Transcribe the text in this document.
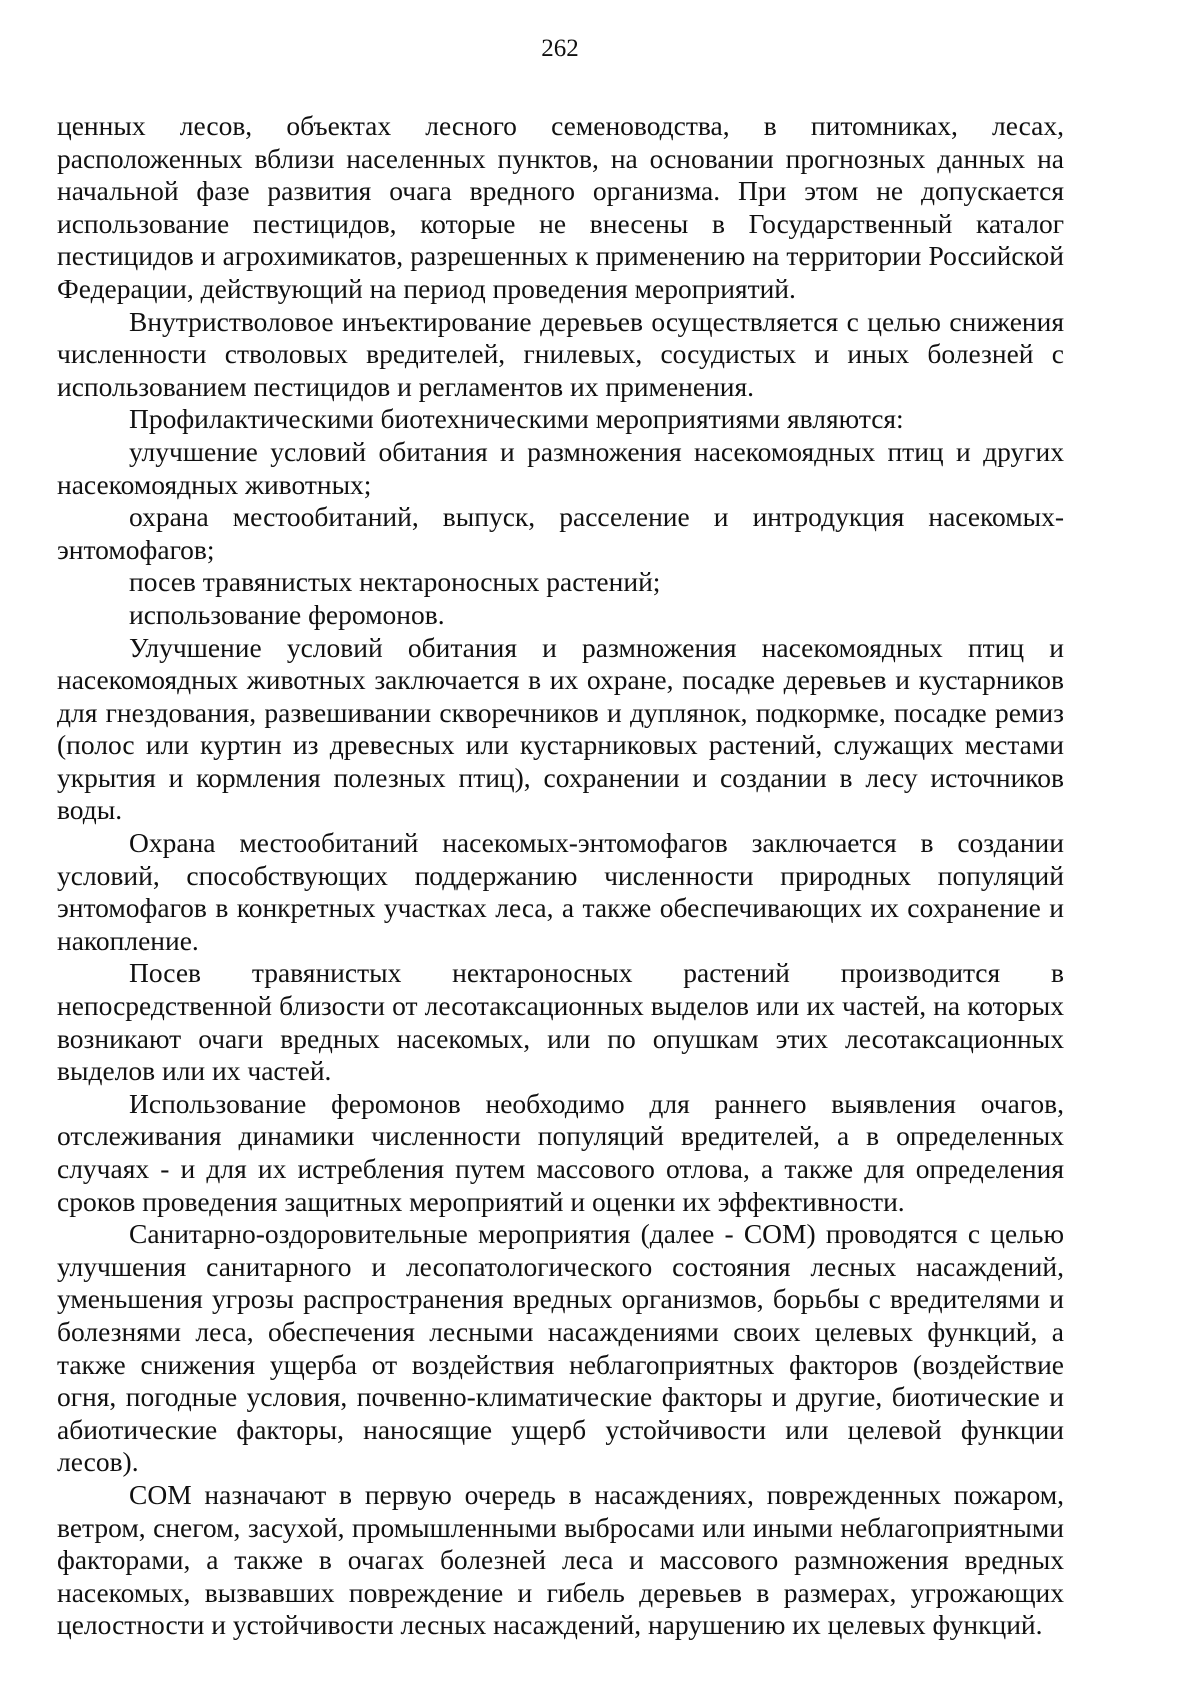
262

ценных лесов, объектах лесного семеноводства, в питомниках, лесах, расположенных вблизи населенных пунктов, на основании прогнозных данных на начальной фазе развития очага вредного организма. При этом не допускается использование пестицидов, которые не внесены в Государственный каталог пестицидов и агрохимикатов, разрешенных к применению на территории Российской Федерации, действующий на период проведения мероприятий.

Внутристволовое инъектирование деревьев осуществляется с целью снижения численности стволовых вредителей, гнилевых, сосудистых и иных болезней с использованием пестицидов и регламентов их применения.

Профилактическими биотехническими мероприятиями являются:

улучшение условий обитания и размножения насекомоядных птиц и других насекомоядных животных;

охрана местообитаний, выпуск, расселение и интродукция насекомых-энтомофагов;

посев травянистых нектароносных растений;

использование феромонов.

Улучшение условий обитания и размножения насекомоядных птиц и насекомоядных животных заключается в их охране, посадке деревьев и кустарников для гнездования, развешивании скворечников и дуплянок, подкормке, посадке ремиз (полос или куртин из древесных или кустарниковых растений, служащих местами укрытия и кормления полезных птиц), сохранении и создании в лесу источников воды.

Охрана местообитаний насекомых-энтомофагов заключается в создании условий, способствующих поддержанию численности природных популяций энтомофагов в конкретных участках леса, а также обеспечивающих их сохранение и накопление.

Посев травянистых нектароносных растений производится в непосредственной близости от лесотаксационных выделов или их частей, на которых возникают очаги вредных насекомых, или по опушкам этих лесотаксационных выделов или их частей.

Использование феромонов необходимо для раннего выявления очагов, отслеживания динамики численности популяций вредителей, а в определенных случаях - и для их истребления путем массового отлова, а также для определения сроков проведения защитных мероприятий и оценки их эффективности.

Санитарно-оздоровительные мероприятия (далее - СОМ) проводятся с целью улучшения санитарного и лесопатологического состояния лесных насаждений, уменьшения угрозы распространения вредных организмов, борьбы с вредителями и болезнями леса, обеспечения лесными насаждениями своих целевых функций, а также снижения ущерба от воздействия неблагоприятных факторов (воздействие огня, погодные условия, почвенно-климатические факторы и другие, биотические и абиотические факторы, наносящие ущерб устойчивости или целевой функции лесов).

СОМ назначают в первую очередь в насаждениях, поврежденных пожаром, ветром, снегом, засухой, промышленными выбросами или иными неблагоприятными факторами, а также в очагах болезней леса и массового размножения вредных насекомых, вызвавших повреждение и гибель деревьев в размерах, угрожающих целостности и устойчивости лесных насаждений, нарушению их целевых функций.
